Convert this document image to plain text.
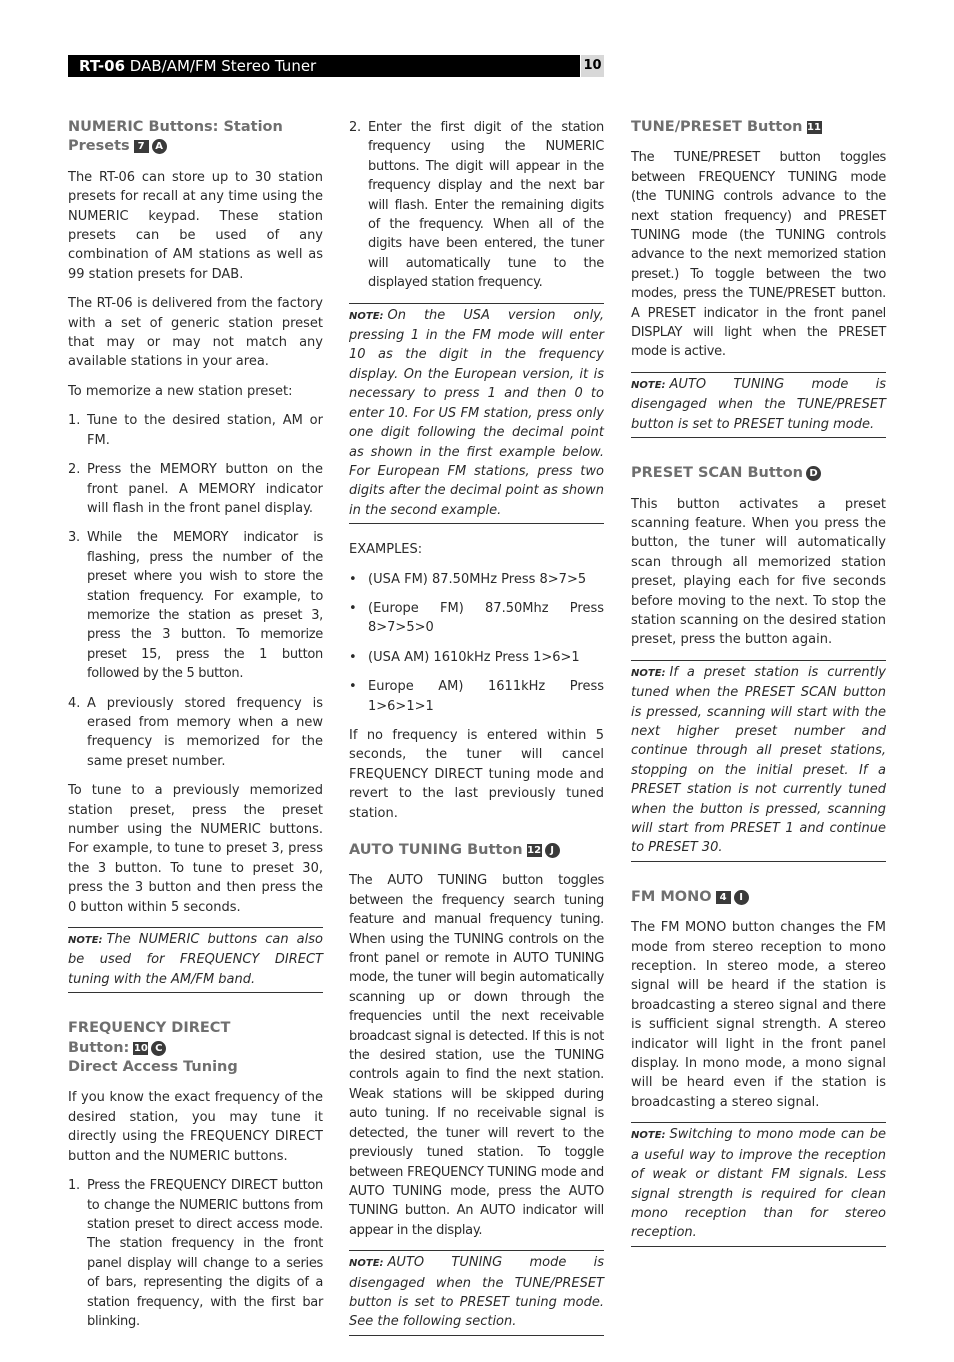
RT-06 DAB/AM/FM Stereo Tuner	10
NUMERIC Buttons: Station
Presets 7 A

The RT-06 can store up to 30 station presets for recall at any time using the NUMERIC keypad. These station presets can be used of any combination of AM stations as well as 99 station presets for DAB.

The RT-06 is delivered from the factory with a set of generic station preset that may or may not match any available stations in your area.

To memorize a new station preset:

1. Tune to the desired station, AM or FM.
2. Press the MEMORY button on the front panel. A MEMORY indicator will flash in the front panel display.
3. While the MEMORY indicator is flashing, press the number of the preset where you wish to store the station frequency. For example, to memorize the station as preset 3, press the 3 button. To memorize preset 15, press the 1 button followed by the 5 button.
4. A previously stored frequency is erased from memory when a new frequency is memorized for the same preset number.

To tune to a previously memorized station preset, press the preset number using the NUMERIC buttons. For example, to tune to preset 3, press the 3 button. To tune to preset 30, press the 3 button and then press the 0 button within 5 seconds.

NOTE: The NUMERIC buttons can also be used for FREQUENCY DIRECT tuning with the AM/FM band.
FREQUENCY DIRECT
Button: 10 C
Direct Access Tuning

If you know the exact frequency of the desired station, you may tune it directly using the FREQUENCY DIRECT button and the NUMERIC buttons.

1. Press the FREQUENCY DIRECT button to change the NUMERIC buttons from station preset to direct access mode. The station frequency in the front panel display will change to a series of bars, representing the digits of a station frequency, with the first bar blinking.
2. Enter the first digit of the station frequency using the NUMERIC buttons. The digit will appear in the frequency display and the next bar will flash. Enter the remaining digits of the frequency. When all of the digits have been entered, the tuner will automatically tune to the displayed station frequency.
NOTE: On the USA version only, pressing 1 in the FM mode will enter 10 as the digit in the frequency display. On the European version, it is necessary to press 1 and then 0 to enter 10. For US FM station, press only one digit following the decimal point as shown in the first example below. For European FM stations, press two digits after the decimal point as shown in the second example.

EXAMPLES:

• (USA FM) 87.50MHz Press 8>7>5
• (Europe FM) 87.50Mhz Press 8>7>5>0
• (USA AM) 1610kHz Press 1>6>1
• Europe AM) 1611kHz Press 1>6>1>1

If no frequency is entered within 5 seconds, the tuner will cancel FREQUENCY DIRECT tuning mode and revert to the last previously tuned station.

AUTO TUNING Button 12 J

The AUTO TUNING button toggles between the frequency search tuning feature and manual frequency tuning. When using the TUNING controls on the front panel or remote in AUTO TUNING mode, the tuner will begin automatically scanning up or down through the frequencies until the next receivable broadcast signal is detected. If this is not the desired station, use the TUNING controls again to find the next station. Weak stations will be skipped during auto tuning. If no receivable signal is detected, the tuner will revert to the previously tuned station. To toggle between FREQUENCY TUNING mode and AUTO TUNING mode, press the AUTO TUNING button. An AUTO indicator will appear in the display.

NOTE: AUTO TUNING mode is disengaged when the TUNE/PRESET button is set to PRESET tuning mode. See the following section.
TUNE/PRESET Button 11

The TUNE/PRESET button toggles between FREQUENCY TUNING mode (the TUNING controls advance to the next station frequency) and PRESET TUNING mode (the TUNING controls advance to the next memorized station preset.) To toggle between the two modes, press the TUNE/PRESET button. A PRESET indicator in the front panel DISPLAY will light when the PRESET mode is active.

NOTE: AUTO TUNING mode is disengaged when the TUNE/PRESET button is set to PRESET tuning mode.
PRESET SCAN Button D

This button activates a preset scanning feature. When you press the button, the tuner will automatically scan through all memorized station preset, playing each for five seconds before moving to the next. To stop the station scanning on the desired station preset, press the button again.

NOTE: If a preset station is currently tuned when the PRESET SCAN button is pressed, scanning will start with the next higher preset number and continue through all preset stations, stopping on the initial preset. If a PRESET station is not currently tuned when the button is pressed, scanning will start from PRESET 1 and continue to PRESET 30.
FM MONO 4 I

The FM MONO button changes the FM mode from stereo reception to mono reception. In stereo mode, a stereo signal will be heard if the station is broadcasting a stereo signal and there is sufficient signal strength. A stereo indicator will light in the front panel display. In mono mode, a mono signal will be heard even if the station is broadcasting a stereo signal.

NOTE: Switching to mono mode can be a useful way to improve the reception of weak or distant FM signals. Less signal strength is required for clean mono reception than for stereo reception.
